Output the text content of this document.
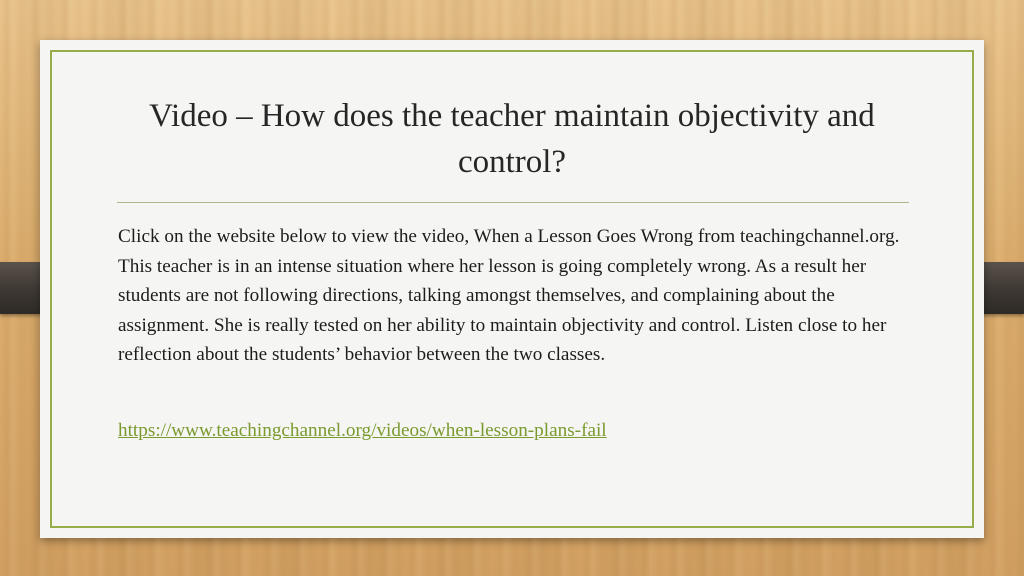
Video – How does the teacher maintain objectivity and control?

Click on the website below to view the video, When a Lesson Goes Wrong from teachingchannel.org. This teacher is in an intense situation where her lesson is going completely wrong. As a result her students are not following directions, talking amongst themselves, and complaining about the assignment. She is really tested on her ability to maintain objectivity and control. Listen close to her reflection about the students’ behavior between the two classes.

https://www.teachingchannel.org/videos/when-lesson-plans-fail
